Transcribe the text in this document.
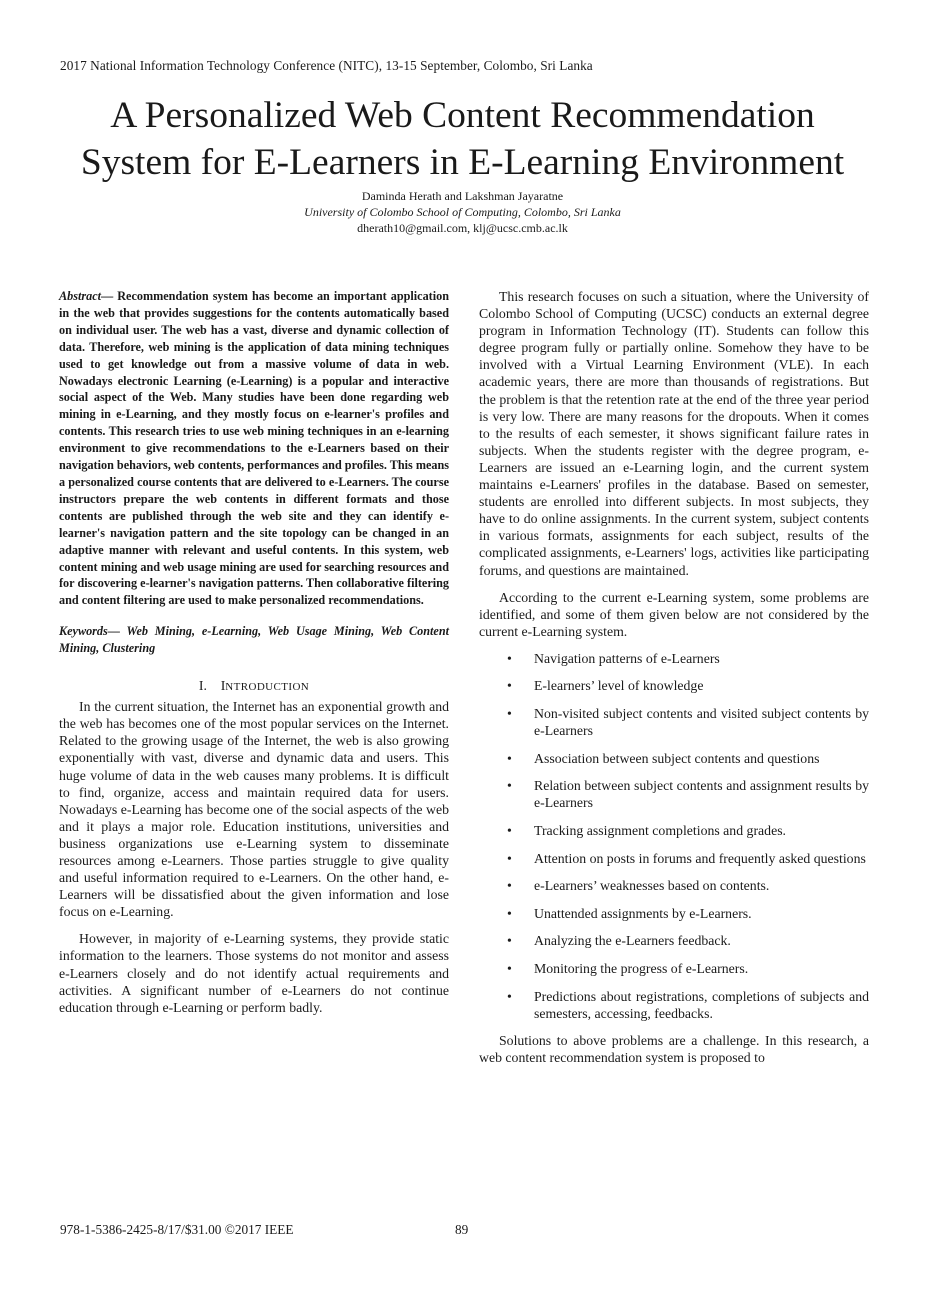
2017 National Information Technology Conference (NITC), 13-15 September, Colombo, Sri Lanka
A Personalized Web Content Recommendation
System for E-Learners in E-Learning Environment
Daminda Herath and Lakshman Jayaratne
University of Colombo School of Computing, Colombo, Sri Lanka
dherath10@gmail.com, klj@ucsc.cmb.ac.lk

Abstract— Recommendation system has become an important application in the web that provides suggestions for the contents automatically based on individual user. The web has a vast, diverse and dynamic collection of data. Therefore, web mining is the application of data mining techniques used to get knowledge out from a massive volume of data in web. Nowadays electronic Learning (e-Learning) is a popular and interactive social aspect of the Web. Many studies have been done regarding web mining in e-Learning, and they mostly focus on e-learner's profiles and contents. This research tries to use web mining techniques in an e-learning environment to give recommendations to the e-Learners based on their navigation behaviors, web contents, performances and profiles. This means a personalized course contents that are delivered to e-Learners. The course instructors prepare the web contents in different formats and those contents are published through the web site and they can identify e-learner's navigation pattern and the site topology can be changed in an adaptive manner with relevant and useful contents. In this system, web content mining and web usage mining are used for searching resources and for discovering e-learner's navigation patterns. Then collaborative filtering and content filtering are used to make personalized recommendations.

Keywords— Web Mining, e-Learning, Web Usage Mining, Web Content Mining, Clustering

I. INTRODUCTION

In the current situation, the Internet has an exponential growth and the web has becomes one of the most popular services on the Internet. Related to the growing usage of the Internet, the web is also growing exponentially with vast, diverse and dynamic data and users. This huge volume of data in the web causes many problems. It is difficult to find, organize, access and maintain required data for users. Nowadays e-Learning has become one of the social aspects of the web and it plays a major role. Education institutions, universities and business organizations use e-Learning system to disseminate resources among e-Learners. Those parties struggle to give quality and useful information required to e-Learners. On the other hand, e-Learners will be dissatisfied about the given information and lose focus on e-Learning.

However, in majority of e-Learning systems, they provide static information to the learners. Those systems do not monitor and assess e-Learners closely and do not identify actual requirements and activities. A significant number of e-Learners do not continue education through e-Learning or perform badly.

This research focuses on such a situation, where the University of Colombo School of Computing (UCSC) conducts an external degree program in Information Technology (IT). Students can follow this degree program fully or partially online. Somehow they have to be involved with a Virtual Learning Environment (VLE). In each academic years, there are more than thousands of registrations. But the problem is that the retention rate at the end of the three year period is very low. There are many reasons for the dropouts. When it comes to the results of each semester, it shows significant failure rates in subjects. When the students register with the degree program, e-Learners are issued an e-Learning login, and the current system maintains e-Learners' profiles in the database. Based on semester, students are enrolled into different subjects. In most subjects, they have to do online assignments. In the current system, subject contents in various formats, assignments for each subject, results of the complicated assignments, e-Learners' logs, activities like participating forums, and questions are maintained.

According to the current e-Learning system, some problems are identified, and some of them given below are not considered by the current e-Learning system.

• Navigation patterns of e-Learners
• E-learners’ level of knowledge
• Non-visited subject contents and visited subject contents by e-Learners
• Association between subject contents and questions
• Relation between subject contents and assignment results by e-Learners
• Tracking assignment completions and grades.
• Attention on posts in forums and frequently asked questions
• e-Learners’ weaknesses based on contents.
• Unattended assignments by e-Learners.
• Analyzing the e-Learners feedback.
• Monitoring the progress of e-Learners.
• Predictions about registrations, completions of subjects and semesters, accessing, feedbacks.

Solutions to above problems are a challenge. In this research, a web content recommendation system is proposed to

978-1-5386-2425-8/17/$31.00 ©2017 IEEE	89
